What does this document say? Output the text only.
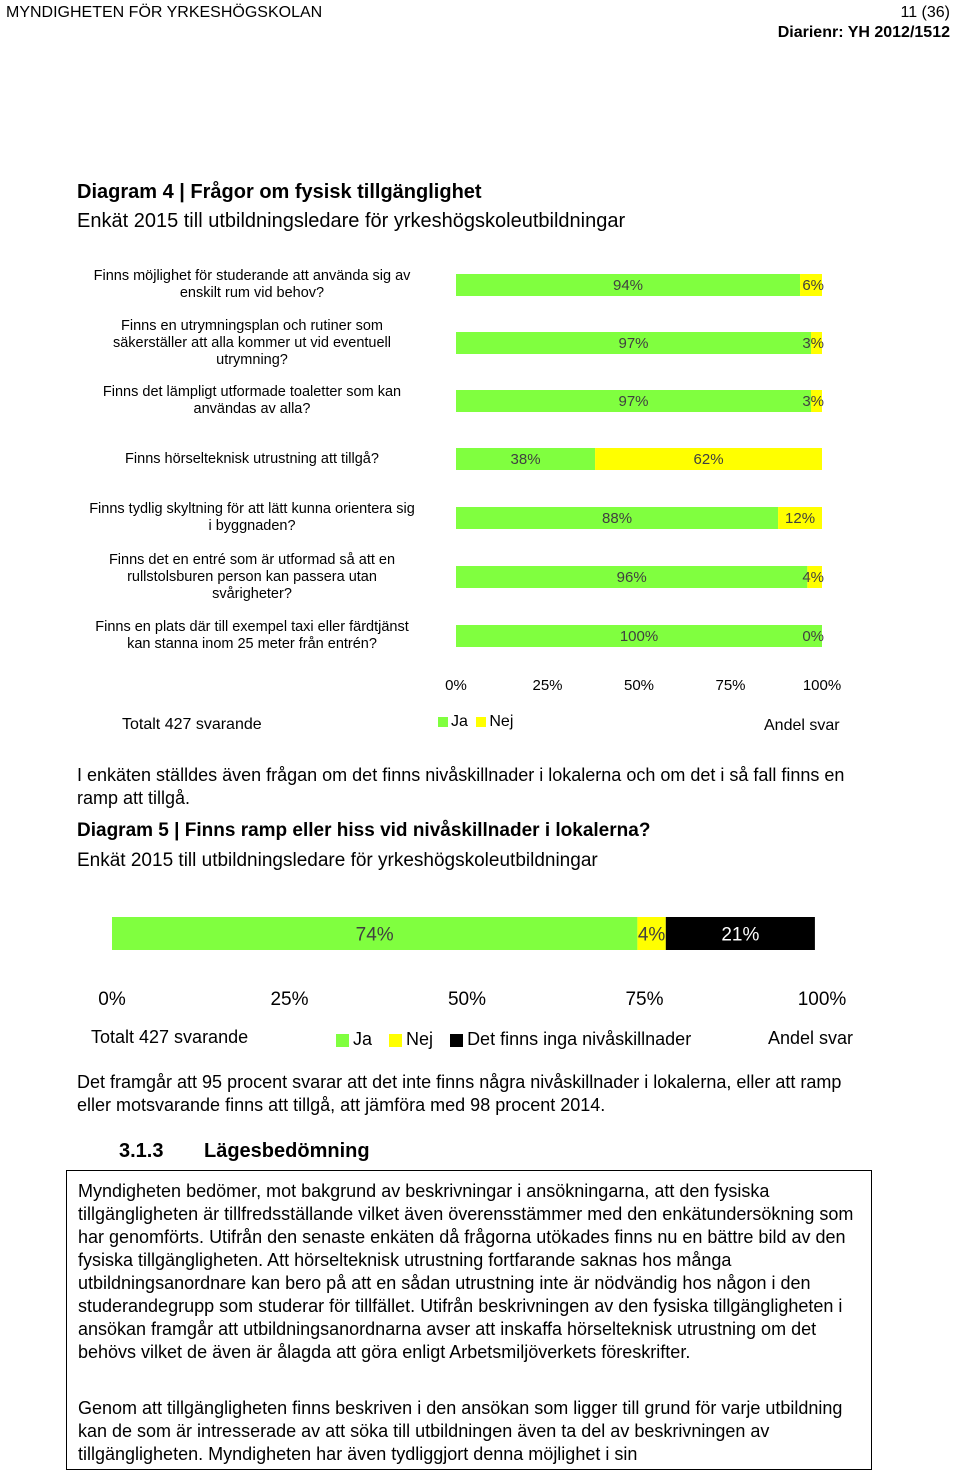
MYNDIGHETEN FÖR YRKESHÖGSKOLAN	11 (36)
Diarienr: YH 2012/1512
Diagram 4 | Frågor om fysisk tillgänglighet
Enkät 2015 till utbildningsledare för yrkeshögskoleutbildningar
Finns möjlighet för studerande att använda sig av
enskilt rum vid behov?
Finns en utrymningsplan och rutiner som
säkerställer att alla kommer ut vid eventuell
utrymning?
Finns det lämpligt utformade toaletter som kan
användas av alla?
Finns hörselteknisk utrustning att tillgå?
Finns tydlig skyltning för att lätt kunna orientera sig
i byggnaden?
Finns det en entré som är utformad så att en
rullstolsburen person kan passera utan
svårigheter?
Finns en plats där till exempel taxi eller färdtjänst
kan stanna inom 25 meter från entrén?
94%	6%
97%	3%
97%	3%
38%	62%
88%	12%
96%	4%
100%	0%
0%	25%	50%	75%	100%
Totalt 427 svarande	Ja Nej	Andel svar
I enkäten ställdes även frågan om det finns nivåskillnader i lokalerna och om det i så fall finns en ramp att tillgå.
Diagram 5 | Finns ramp eller hiss vid nivåskillnader i lokalerna?
Enkät 2015 till utbildningsledare för yrkeshögskoleutbildningar
74%	4%	21%
0%	25%	50%	75%	100%
Totalt 427 svarande	Ja Nej Det finns inga nivåskillnader	Andel svar
Det framgår att 95 procent svarar att det inte finns några nivåskillnader i lokalerna, eller att ramp eller motsvarande finns att tillgå, att jämföra med 98 procent 2014.
3.1.3 Lägesbedömning
Myndigheten bedömer, mot bakgrund av beskrivningar i ansökningarna, att den fysiska tillgängligheten är tillfredsställande vilket även överensstämmer med den enkätundersökning som har genomförts. Utifrån den senaste enkäten då frågorna utökades finns nu en bättre bild av den fysiska tillgängligheten. Att hörselteknisk utrustning fortfarande saknas hos många utbildningsanordnare kan bero på att en sådan utrustning inte är nödvändig hos någon i den studerandegrupp som studerar för tillfället. Utifrån beskrivningen av den fysiska tillgängligheten i ansökan framgår att utbildningsanordnarna avser att inskaffa hörselteknisk utrustning om det behövs vilket de även är ålagda att göra enligt Arbetsmiljöverkets föreskrifter.
Genom att tillgängligheten finns beskriven i den ansökan som ligger till grund för varje utbildning kan de som är intresserade av att söka till utbildningen även ta del av beskrivningen av tillgängligheten. Myndigheten har även tydliggjort denna möjlighet i sin
